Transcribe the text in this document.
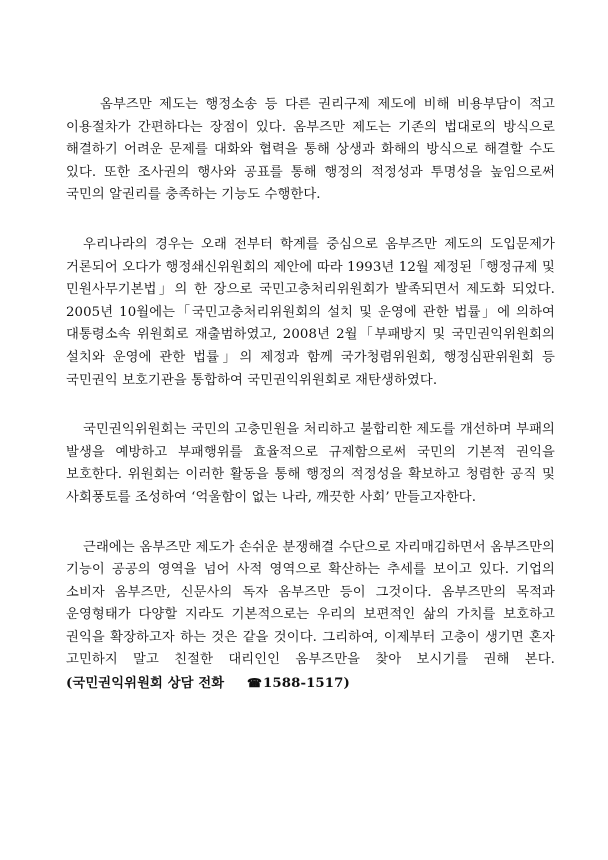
옴부즈만 제도는 행정소송 등 다른 권리구제 제도에 비해 비용부담이 적고 이용절차가 간편하다는 장점이 있다. 옴부즈만 제도는 기존의 법대로의 방식으로 해결하기 어려운 문제를 대화와 협력을 통해 상생과 화해의 방식으로 해결할 수도 있다. 또한 조사권의 행사와 공표를 통해 행정의 적정성과 투명성을 높임으로써 국민의 알권리를 충족하는 기능도 수행한다.

우리나라의 경우는 오래 전부터 학계를 중심으로 옴부즈만 제도의 도입문제가 거론되어 오다가 행정쇄신위원회의 제안에 따라 1993년 12월 제정된「행정규제 및 민원사무기본법」의 한 장으로 국민고충처리위원회가 발족되면서 제도화 되었다. 2005년 10월에는「국민고충처리위원회의 설치 및 운영에 관한 법률」에 의하여 대통령소속 위원회로 재출범하였고, 2008년 2월「부패방지 및 국민권익위원회의 설치와 운영에 관한 법률」의 제정과 함께 국가청렴위원회, 행정심판위원회 등 국민권익 보호기관을 통합하여 국민권익위원회로 재탄생하였다.

국민권익위원회는 국민의 고충민원을 처리하고 불합리한 제도를 개선하며 부패의 발생을 예방하고 부패행위를 효율적으로 규제함으로써 국민의 기본적 권익을 보호한다. 위원회는 이러한 활동을 통해 행정의 적정성을 확보하고 청렴한 공직 및 사회풍토를 조성하여 ‘억울함이 없는 나라, 깨끗한 사회’ 만들고자한다.

근래에는 옴부즈만 제도가 손쉬운 분쟁해결 수단으로 자리매김하면서 옴부즈만의 기능이 공공의 영역을 넘어 사적 영역으로 확산하는 추세를 보이고 있다. 기업의 소비자 옴부즈만, 신문사의 독자 옴부즈만 등이 그것이다. 옴부즈만의 목적과 운영형태가 다양할 지라도 기본적으로는 우리의 보편적인 삶의 가치를 보호하고 권익을 확장하고자 하는 것은 같을 것이다. 그리하여, 이제부터 고충이 생기면 혼자 고민하지 말고 친절한 대리인인 옴부즈만을 찾아 보시기를 권해 본다. (국민권익위원회 상담 전화 ☎1588-1517)
